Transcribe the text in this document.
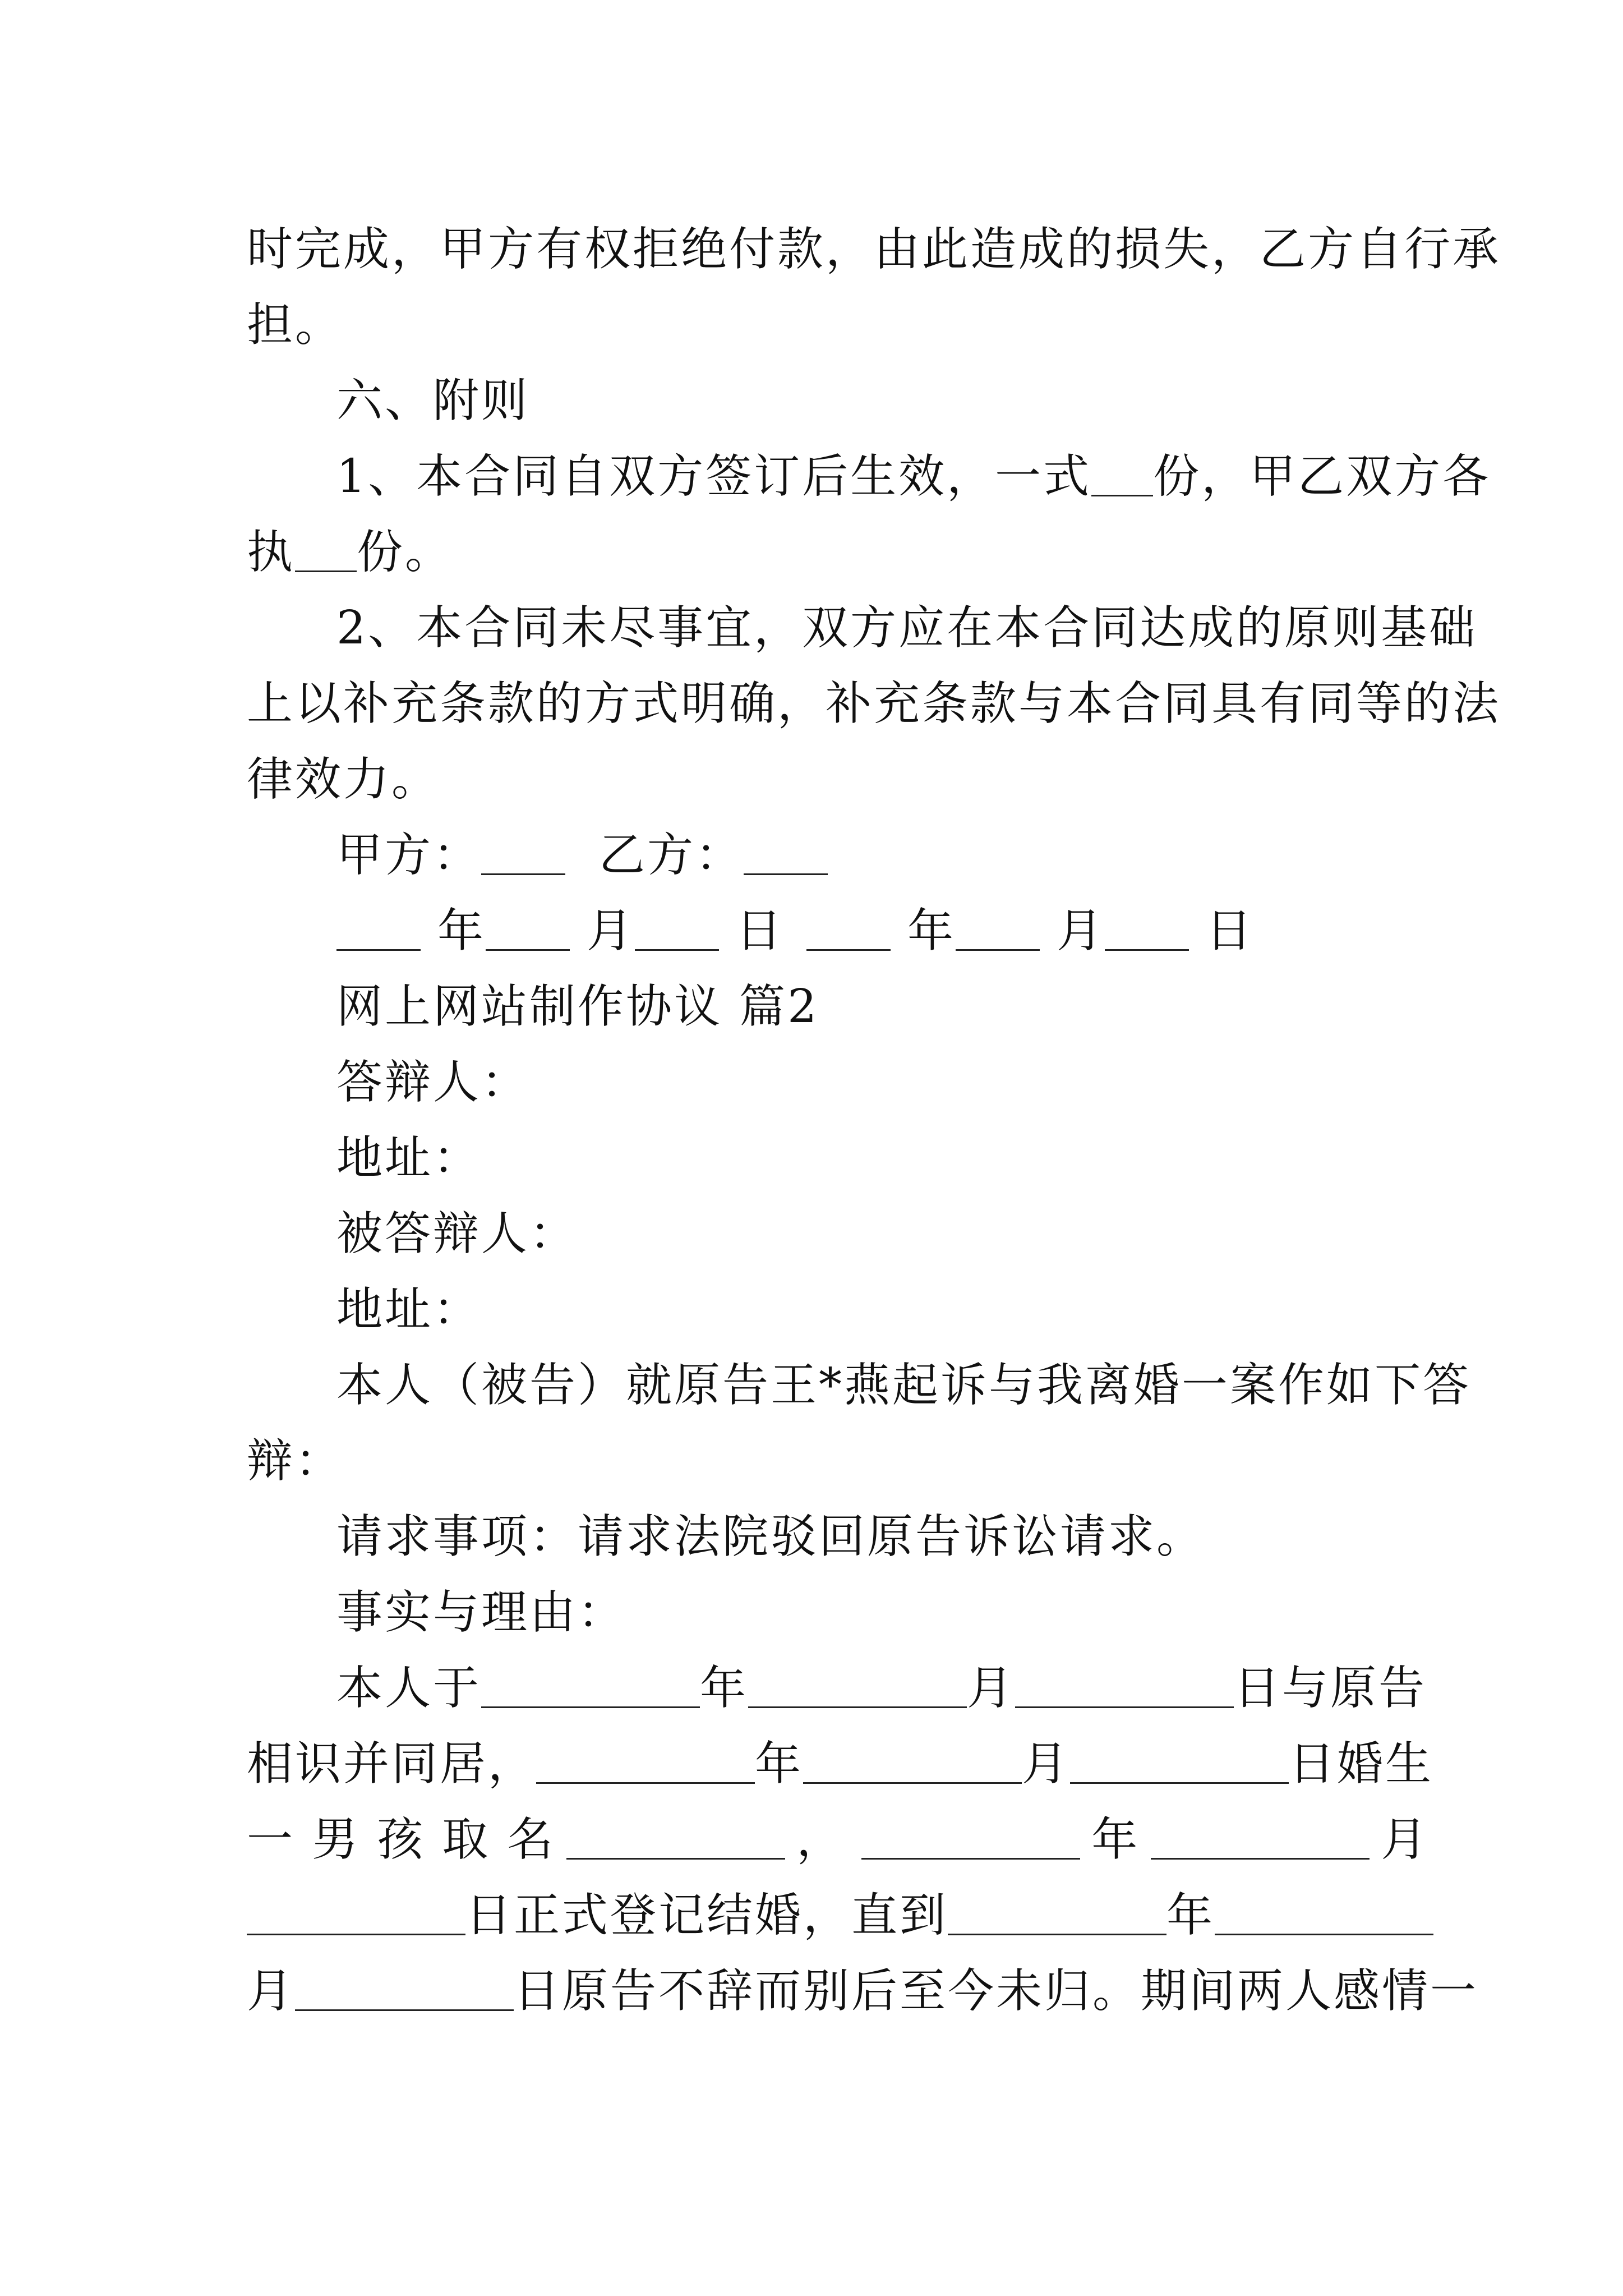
时完成，甲方有权拒绝付款，由此造成的损失，乙方自行承
担。
六、附则
1、本合同自双方签订后生效，一式 份，甲乙双方各
执 份。
2、本合同未尽事宜，双方应在本合同达成的原则基础
上以补充条款的方式明确，补充条款与本合同具有同等的法
律效力。
甲方：	乙方：
年 月 日	年 月 日
网上网站制作协议 篇2
答辩人：
地址：
被答辩人：
地址：
本人（被告）就原告王*燕起诉与我离婚一案作如下答
辩：
请求事项：请求法院驳回原告诉讼请求。
事实与理由：
本人于	年	月	日与原告
相识并同居，	年	月	日婚生
一 男 孩 取 名	，	年	月
日正式登记结婚，直到	年
月	日原告不辞而别后至今未归。期间两人感情一
